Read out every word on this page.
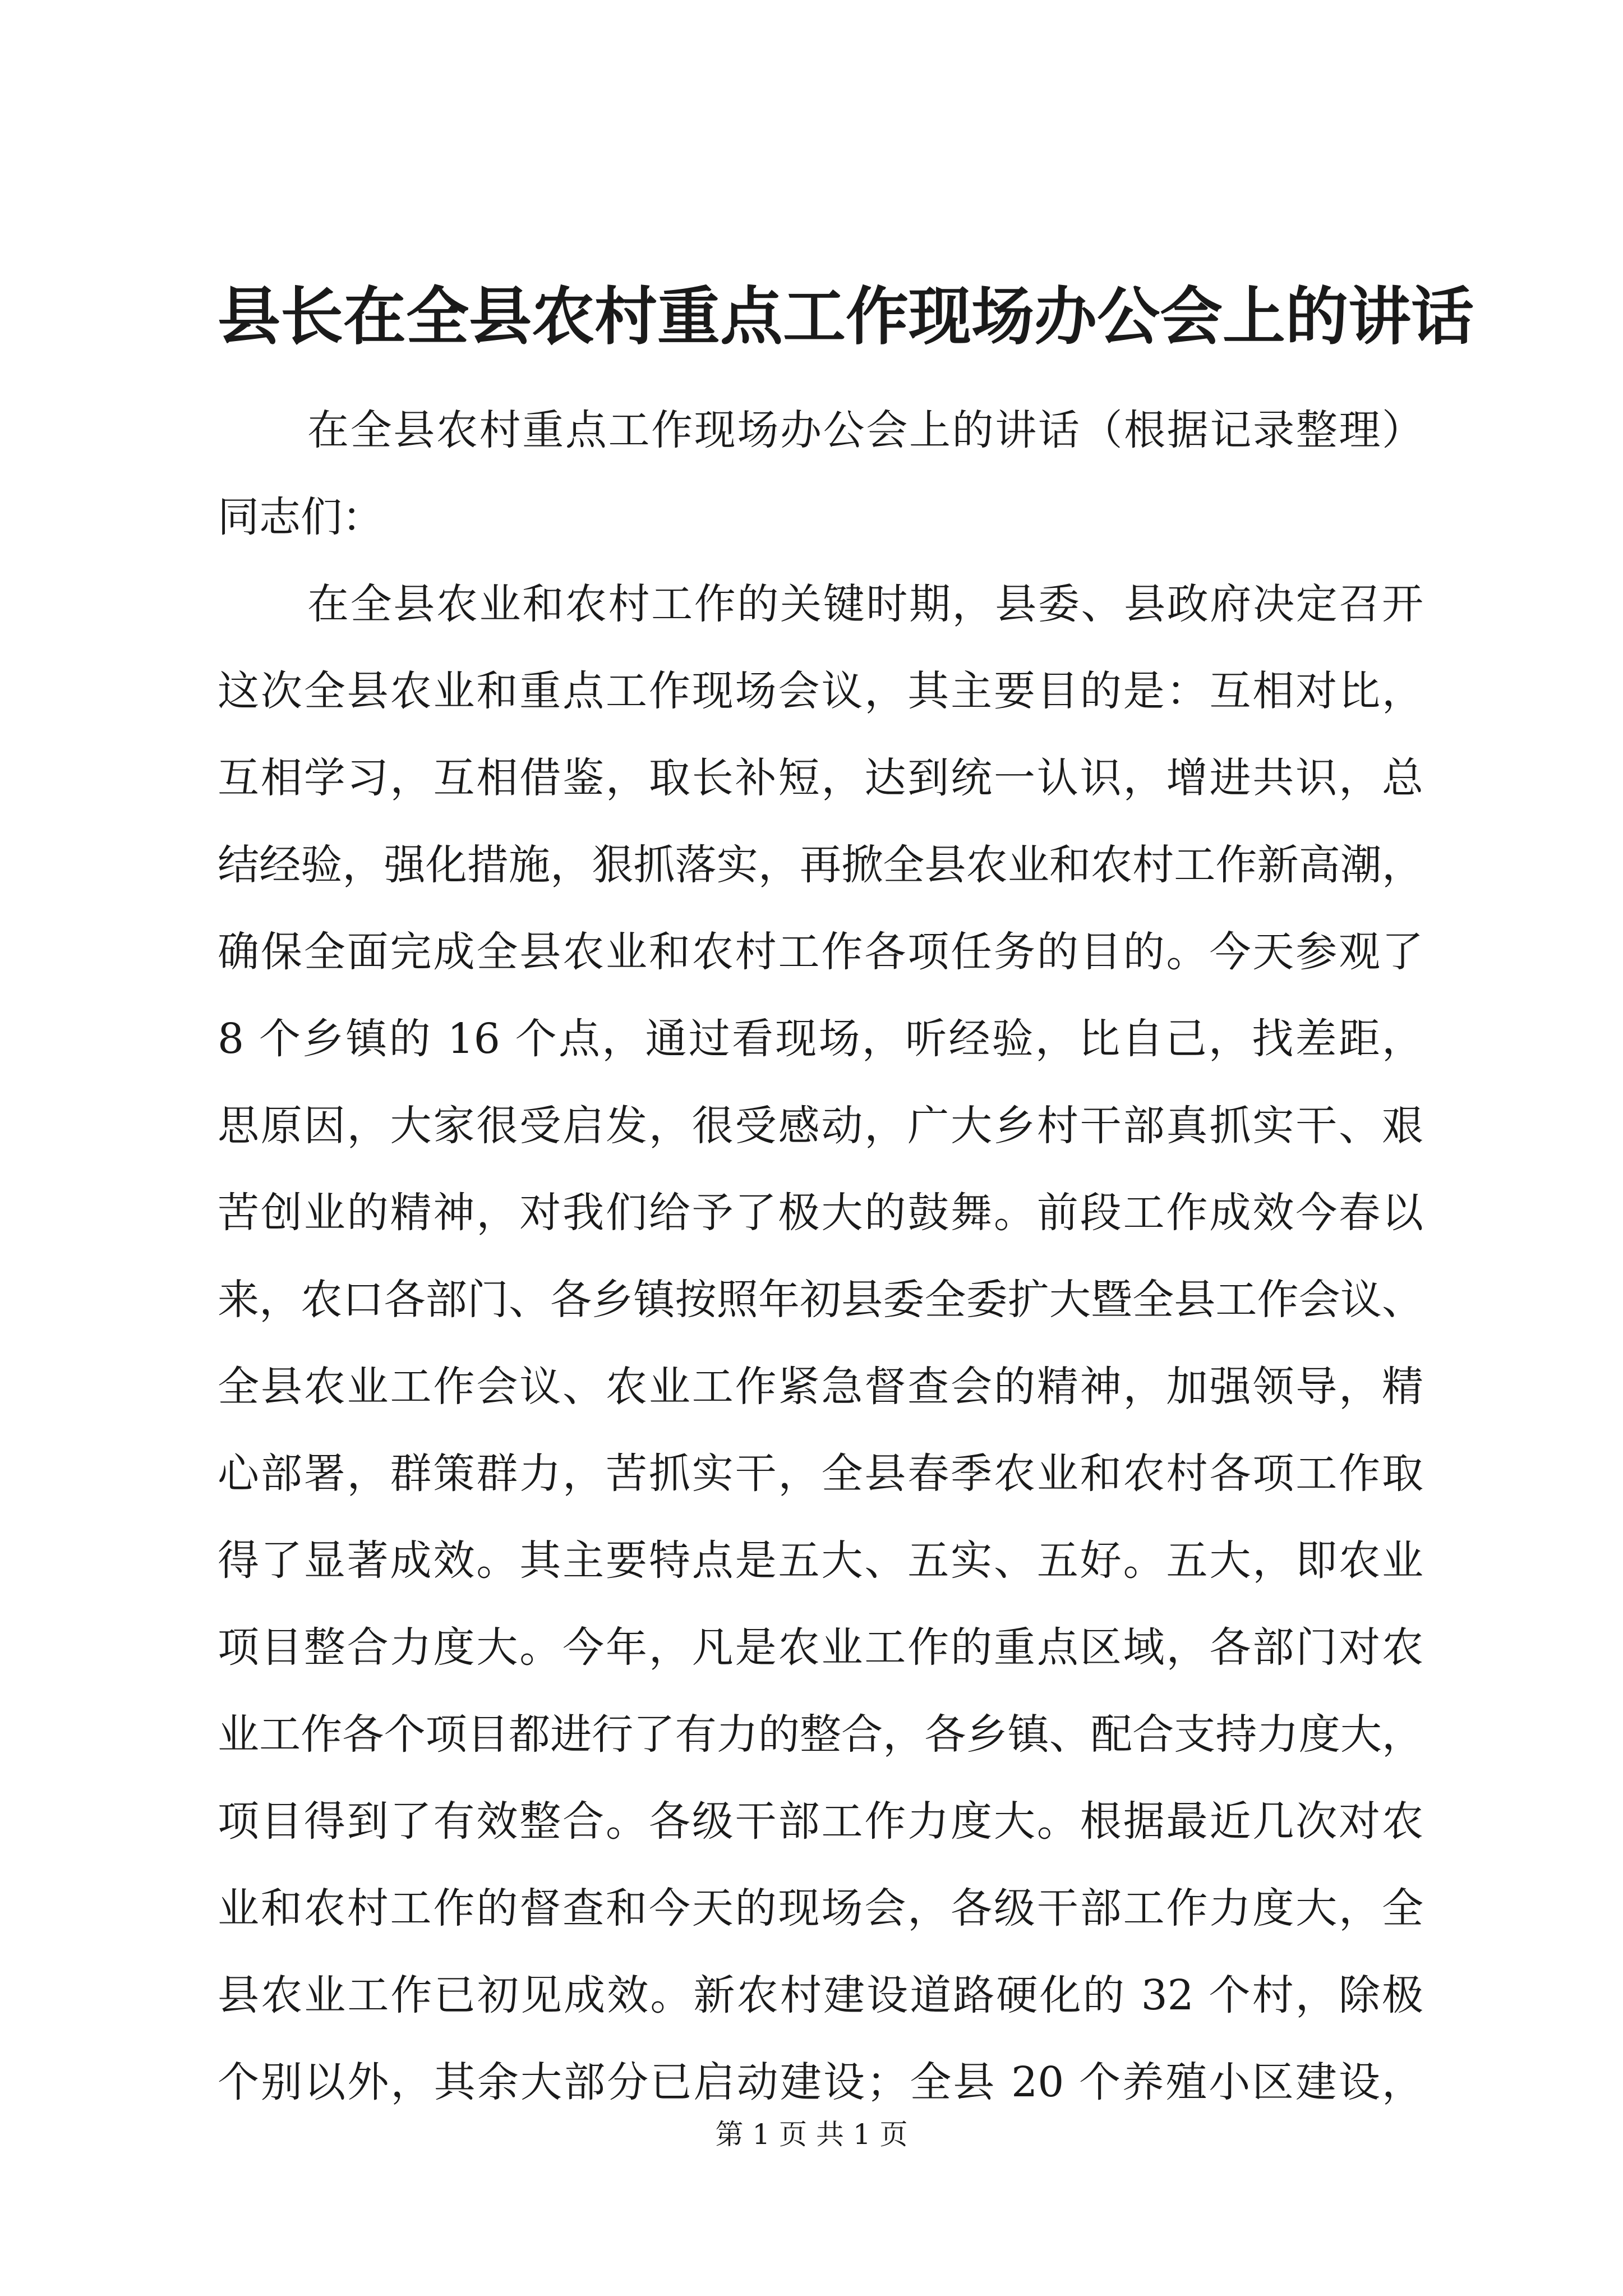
县长在全县农村重点工作现场办公会上的讲话
在全县农村重点工作现场办公会上的讲话（根据记录整理）
同志们：
在全县农业和农村工作的关键时期，县委、县政府决定召开
这次全县农业和重点工作现场会议，其主要目的是：互相对比，
互相学习，互相借鉴，取长补短，达到统一认识，增进共识，总
结经验，强化措施，狠抓落实，再掀全县农业和农村工作新高潮，
确保全面完成全县农业和农村工作各项任务的目的。今天参观了
8 个乡镇的 16 个点，通过看现场，听经验，比自己，找差距，
思原因，大家很受启发，很受感动，广大乡村干部真抓实干、艰
苦创业的精神，对我们给予了极大的鼓舞。前段工作成效今春以
来，农口各部门、各乡镇按照年初县委全委扩大暨全县工作会议、
全县农业工作会议、农业工作紧急督查会的精神，加强领导，精
心部署，群策群力，苦抓实干，全县春季农业和农村各项工作取
得了显著成效。其主要特点是五大、五实、五好。五大，即农业
项目整合力度大。今年，凡是农业工作的重点区域，各部门对农
业工作各个项目都进行了有力的整合，各乡镇、配合支持力度大，
项目得到了有效整合。各级干部工作力度大。根据最近几次对农
业和农村工作的督查和今天的现场会，各级干部工作力度大，全
县农业工作已初见成效。新农村建设道路硬化的 32 个村，除极
个别以外，其余大部分已启动建设；全县 20 个养殖小区建设，
第 1 页 共 1 页
